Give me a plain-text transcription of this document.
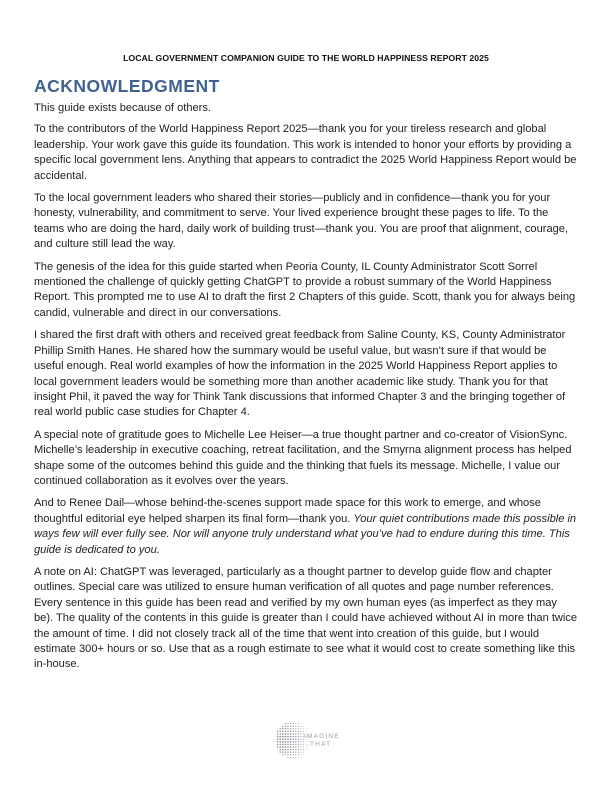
LOCAL GOVERNMENT COMPANION GUIDE TO THE WORLD HAPPINESS REPORT 2025
ACKNOWLEDGMENT

This guide exists because of others.

To the contributors of the World Happiness Report 2025—thank you for your tireless research and global leadership. Your work gave this guide its foundation. This work is intended to honor your efforts by providing a specific local government lens. Anything that appears to contradict the 2025 World Happiness Report would be accidental.

To the local government leaders who shared their stories—publicly and in confidence—thank you for your honesty, vulnerability, and commitment to serve. Your lived experience brought these pages to life. To the teams who are doing the hard, daily work of building trust—thank you. You are proof that alignment, courage, and culture still lead the way.

The genesis of the idea for this guide started when Peoria County, IL County Administrator Scott Sorrel mentioned the challenge of quickly getting ChatGPT to provide a robust summary of the World Happiness Report. This prompted me to use AI to draft the first 2 Chapters of this guide. Scott, thank you for always being candid, vulnerable and direct in our conversations.

I shared the first draft with others and received great feedback from Saline County, KS, County Administrator Phillip Smith Hanes. He shared how the summary would be useful value, but wasn’t sure if that would be useful enough. Real world examples of how the information in the 2025 World Happiness Report applies to local government leaders would be something more than another academic like study. Thank you for that insight Phil, it paved the way for Think Tank discussions that informed Chapter 3 and the bringing together of real world public case studies for Chapter 4.

A special note of gratitude goes to Michelle Lee Heiser—a true thought partner and co-creator of VisionSync. Michelle’s leadership in executive coaching, retreat facilitation, and the Smyrna alignment process has helped shape some of the outcomes behind this guide and the thinking that fuels its message. Michelle, I value our continued collaboration as it evolves over the years.

And to Renee Dail—whose behind-the-scenes support made space for this work to emerge, and whose thoughtful editorial eye helped sharpen its final form—thank you. Your quiet contributions made this possible in ways few will ever fully see. Nor will anyone truly understand what you’ve had to endure during this time. This guide is dedicated to you.

A note on AI: ChatGPT was leveraged, particularly as a thought partner to develop guide flow and chapter outlines. Special care was utilized to ensure human verification of all quotes and page number references. Every sentence in this guide has been read and verified by my own human eyes (as imperfect as they may be). The quality of the contents in this guide is greater than I could have achieved without AI in more than twice the amount of time. I did not closely track all of the time that went into creation of this guide, but I would estimate 300+ hours or so. Use that as a rough estimate to see what it would cost to create something like this in-house.

IMAGINE
THAT
